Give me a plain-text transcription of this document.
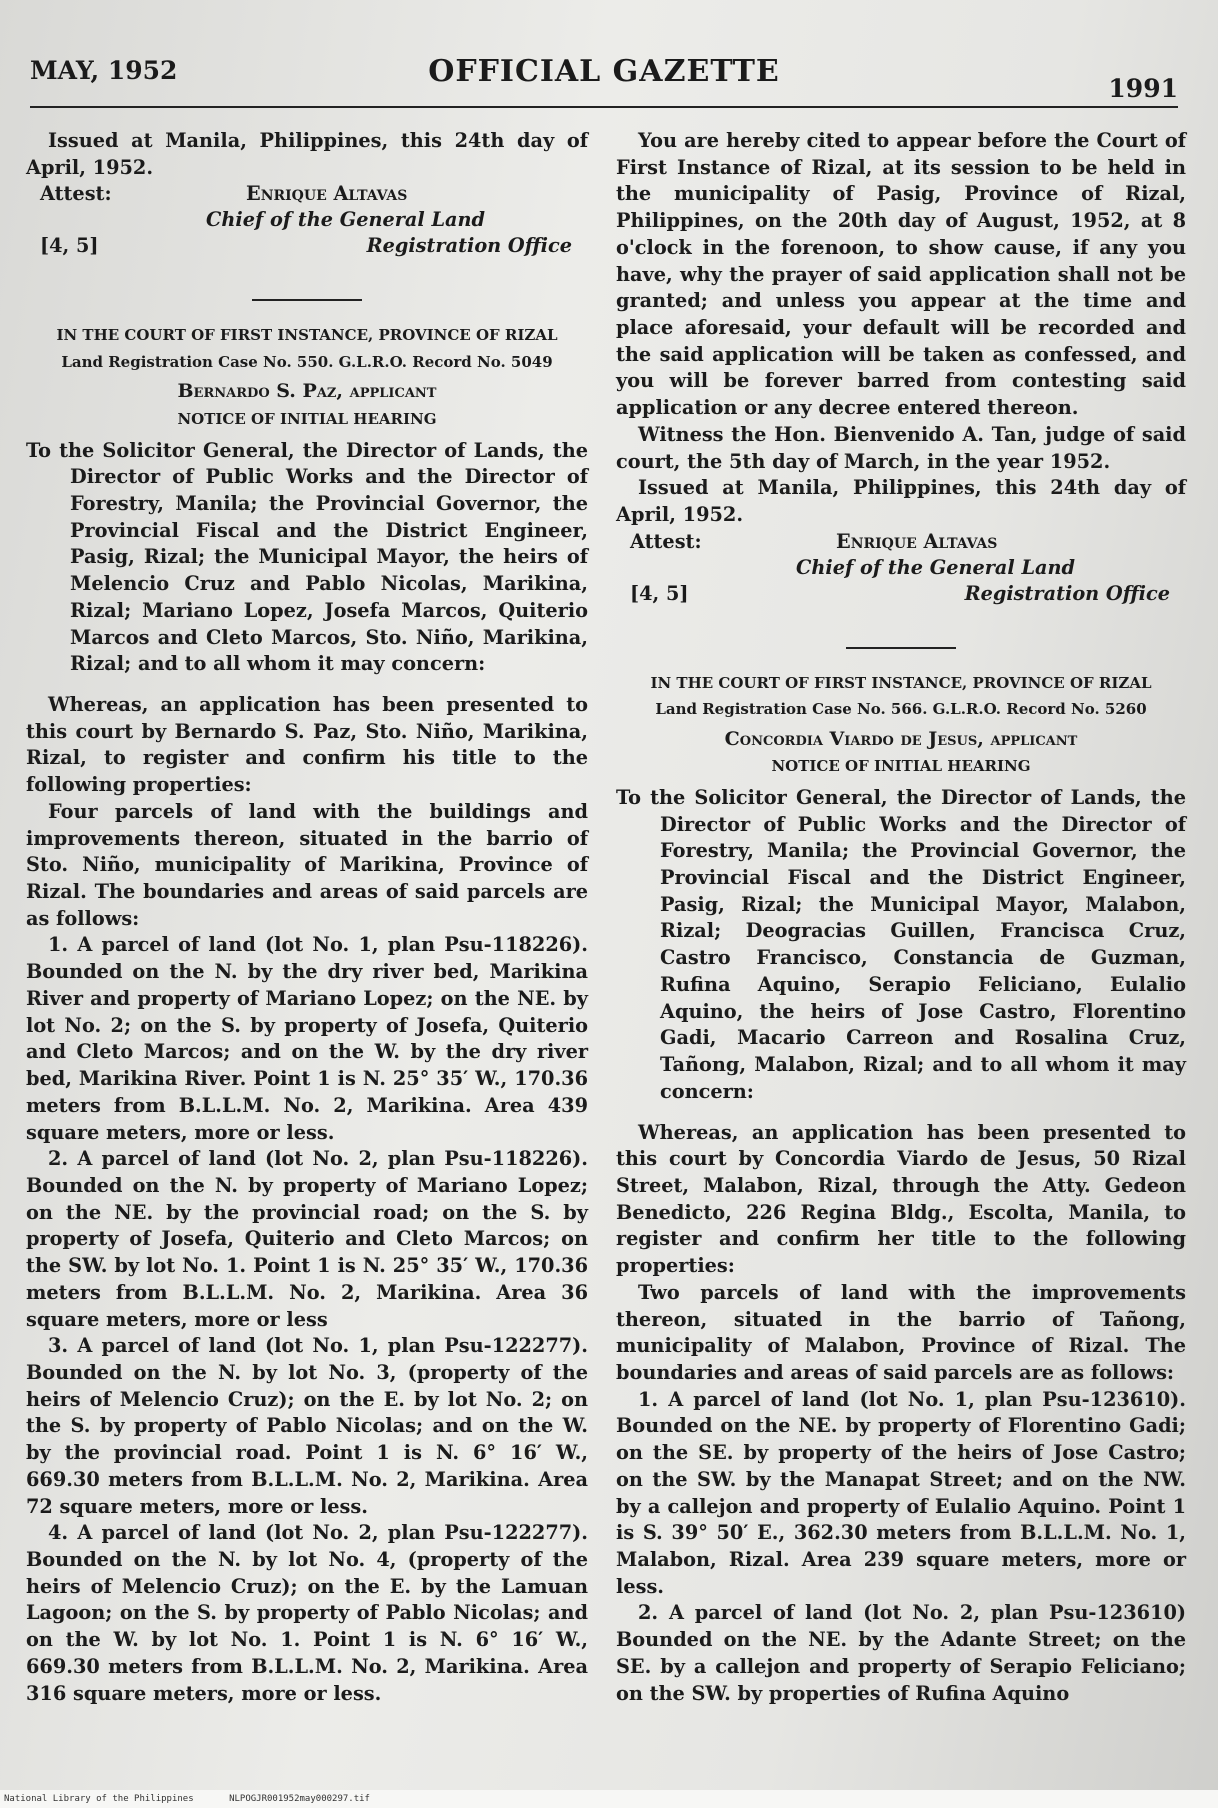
MAY, 1952	OFFICIAL GAZETTE	1991

Issued at Manila, Philippines, this 24th day of April, 1952.

Attest:	Enrique Altavas
Chief of the General Land
[4, 5]	Registration Office
IN THE COURT OF FIRST INSTANCE, PROVINCE OF RIZAL
Land Registration Case No. 550. G.L.R.O. Record No. 5049
Bernardo S. Paz, applicant
NOTICE OF INITIAL HEARING

To the Solicitor General, the Director of Lands, the Director of Public Works and the Director of Forestry, Manila; the Provincial Governor, the Provincial Fiscal and the District Engineer, Pasig, Rizal; the Municipal Mayor, the heirs of Melencio Cruz and Pablo Nicolas, Marikina, Rizal; Mariano Lopez, Josefa Marcos, Quiterio Marcos and Cleto Marcos, Sto. Niño, Marikina, Rizal; and to all whom it may concern:

Whereas, an application has been presented to this court by Bernardo S. Paz, Sto. Niño, Marikina, Rizal, to register and confirm his title to the following properties:

Four parcels of land with the buildings and improvements thereon, situated in the barrio of Sto. Niño, municipality of Marikina, Province of Rizal. The boundaries and areas of said parcels are as follows:

1. A parcel of land (lot No. 1, plan Psu-118226). Bounded on the N. by the dry river bed, Marikina River and property of Mariano Lopez; on the NE. by lot No. 2; on the S. by property of Josefa, Quiterio and Cleto Marcos; and on the W. by the dry river bed, Marikina River. Point 1 is N. 25° 35′ W., 170.36 meters from B.L.L.M. No. 2, Marikina. Area 439 square meters, more or less.

2. A parcel of land (lot No. 2, plan Psu-118226). Bounded on the N. by property of Mariano Lopez; on the NE. by the provincial road; on the S. by property of Josefa, Quiterio and Cleto Marcos; on the SW. by lot No. 1. Point 1 is N. 25° 35′ W., 170.36 meters from B.L.L.M. No. 2, Marikina. Area 36 square meters, more or less

3. A parcel of land (lot No. 1, plan Psu-122277). Bounded on the N. by lot No. 3, (property of the heirs of Melencio Cruz); on the E. by lot No. 2; on the S. by property of Pablo Nicolas; and on the W. by the provincial road. Point 1 is N. 6° 16′ W., 669.30 meters from B.L.L.M. No. 2, Marikina. Area 72 square meters, more or less.

4. A parcel of land (lot No. 2, plan Psu-122277). Bounded on the N. by lot No. 4, (property of the heirs of Melencio Cruz); on the E. by the Lamuan Lagoon; on the S. by property of Pablo Nicolas; and on the W. by lot No. 1. Point 1 is N. 6° 16′ W., 669.30 meters from B.L.L.M. No. 2, Marikina. Area 316 square meters, more or less.

You are hereby cited to appear before the Court of First Instance of Rizal, at its session to be held in the municipality of Pasig, Province of Rizal, Philippines, on the 20th day of August, 1952, at 8 o'clock in the forenoon, to show cause, if any you have, why the prayer of said application shall not be granted; and unless you appear at the time and place aforesaid, your default will be recorded and the said application will be taken as confessed, and you will be forever barred from contesting said application or any decree entered thereon.

Witness the Hon. Bienvenido A. Tan, judge of said court, the 5th day of March, in the year 1952.

Issued at Manila, Philippines, this 24th day of April, 1952.

Attest:	Enrique Altavas
Chief of the General Land
[4, 5]	Registration Office
IN THE COURT OF FIRST INSTANCE, PROVINCE OF RIZAL
Land Registration Case No. 566. G.L.R.O. Record No. 5260
Concordia Viardo de Jesus, applicant
NOTICE OF INITIAL HEARING

To the Solicitor General, the Director of Lands, the Director of Public Works and the Director of Forestry, Manila; the Provincial Governor, the Provincial Fiscal and the District Engineer, Pasig, Rizal; the Municipal Mayor, Malabon, Rizal; Deogracias Guillen, Francisca Cruz, Castro Francisco, Constancia de Guzman, Rufina Aquino, Serapio Feliciano, Eulalio Aquino, the heirs of Jose Castro, Florentino Gadi, Macario Carreon and Rosalina Cruz, Tañong, Malabon, Rizal; and to all whom it may concern:

Whereas, an application has been presented to this court by Concordia Viardo de Jesus, 50 Rizal Street, Malabon, Rizal, through the Atty. Gedeon Benedicto, 226 Regina Bldg., Escolta, Manila, to register and confirm her title to the following properties:

Two parcels of land with the improvements thereon, situated in the barrio of Tañong, municipality of Malabon, Province of Rizal. The boundaries and areas of said parcels are as follows:

1. A parcel of land (lot No. 1, plan Psu-123610). Bounded on the NE. by property of Florentino Gadi; on the SE. by property of the heirs of Jose Castro; on the SW. by the Manapat Street; and on the NW. by a callejon and property of Eulalio Aquino. Point 1 is S. 39° 50′ E., 362.30 meters from B.L.L.M. No. 1, Malabon, Rizal. Area 239 square meters, more or less.

2. A parcel of land (lot No. 2, plan Psu-123610) Bounded on the NE. by the Adante Street; on the SE. by a callejon and property of Serapio Feliciano; on the SW. by properties of Rufina Aquino

National Library of the Philippines	NLPOGJR001952may000297.tif
